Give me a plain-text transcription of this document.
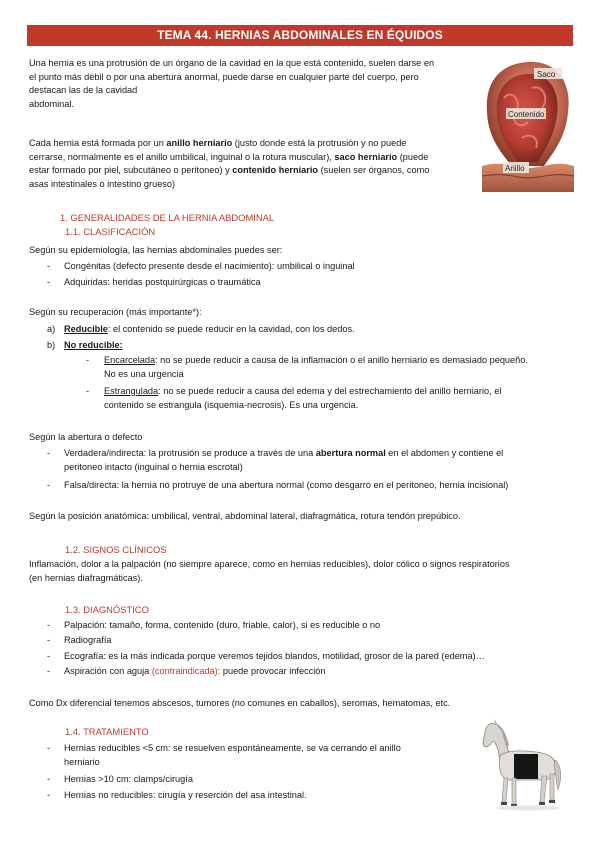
TEMA 44. HERNIAS ABDOMINALES EN ÉQUIDOS
Una hernia es una protrusión de un órgano de la cavidad en la que está contenido, suelen darse en
el punto más débil o por una abertura anormal, puede darse en cualquier parte del cuerpo, pero
destacan las de la cavidad
abdominal.
Saco
Contenido
Anillo
Cada hernia está formada por un anillo herniario (justo donde está la protrusión y no puede
cerrarse, normalmente es el anillo umbilical, inguinal o la rotura muscular), saco herniario (puede
estar formado por piel, subcutáneo o peritoneo) y contenido herniario (suelen ser órganos, como
asas intestinales o intestino grueso)
1. GENERALIDADES DE LA HERNIA ABDOMINAL
1.1. CLASIFICACIÓN
Según su epidemiología, las hernias abdominales puedes ser:
- Congénitas (defecto presente desde el nacimiento): umbilical o inguinal
- Adquiridas: heridas postquirúrgicas o traumática
Según su recuperación (más importante*):
a) Reducible: el contenido se puede reducir en la cavidad, con los dedos.
b) No reducible:
- Encarcelada: no se puede reducir a causa de la inflamación o el anillo herniario es demasiado pequeño.
No es una urgencia
- Estrangulada: no se puede reducir a causa del edema y del estrechamiento del anillo herniario, el
contenido se estrangula (isquemia-necrosis). Es una urgencia.
Según la abertura o defecto
- Verdadera/indirecta: la protrusión se produce a través de una abertura normal en el abdomen y contiene el
peritoneo intacto (inguinal o hernia escrotal)
- Falsa/directa: la hernia no protruye de una abertura normal (como desgarro en el peritoneo, hernia incisional)
Según la posición anatómica: umbilical, ventral, abdominal lateral, diafragmática, rotura tendón prepúbico.
1.2. SIGNOS CLÍNICOS
Inflamación, dolor a la palpación (no siempre aparece, como en hernias reducibles), dolor cólico o signos respiratorios
(en hernias diafragmáticas).
1.3. DIAGNÓSTICO
- Palpación: tamaño, forma, contenido (duro, friable, calor), si es reducible o no
- Radiografía
- Ecografía: es la más indicada porque veremos tejidos blandos, motilidad, grosor de la pared (edema)…
- Aspiración con aguja (contraindicada): puede provocar infección
Como Dx diferencial tenemos abscesos, tumores (no comunes en caballos), seromas, hematomas, etc.
1.4. TRATAMIENTO
- Hernias reducibles <5 cm: se resuelven espontáneamente, se va cerrando el anillo
herniario
- Hernias >10 cm: clamps/cirugía
- Hernias no reducibles: cirugía y reserción del asa intestinal.
